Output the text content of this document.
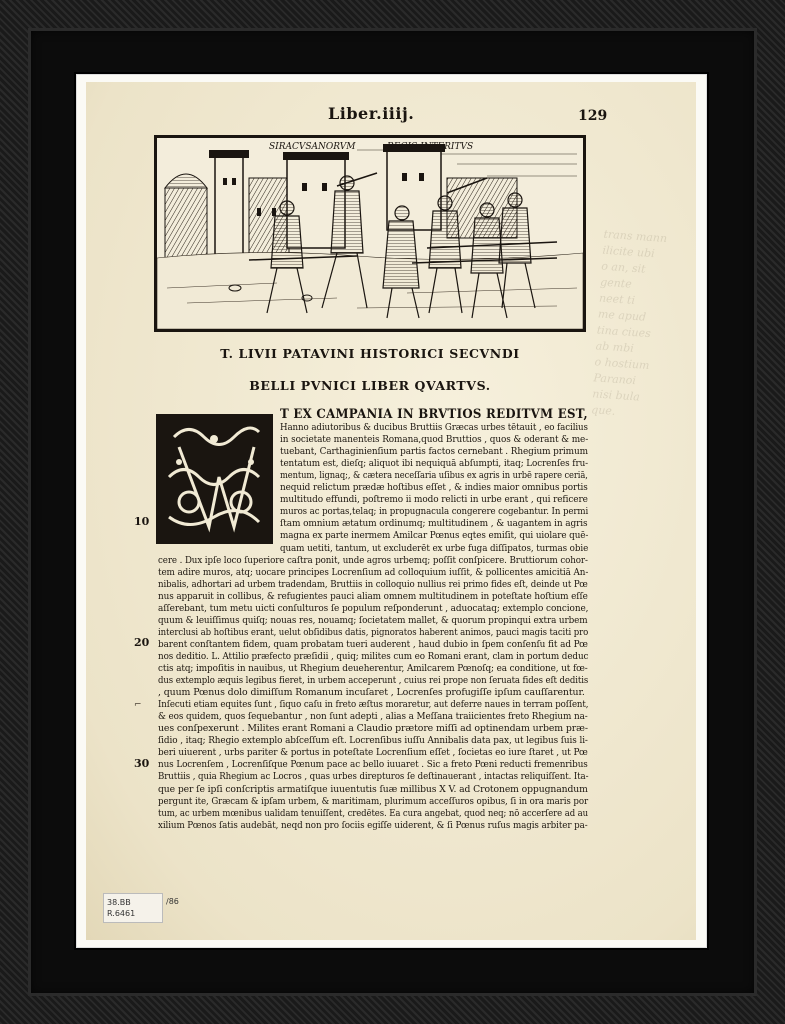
trans mann
ilicite ubi
o an, sit
gente
neet ti
me apud
tina ciues
ab mbi
o hostium
Paranoi
nisi bula
que.
Liber.iiij.	129
SIRACVSANORVM	REGIS INTERITVS
T. LIVII PATAVINI HISTORICI SECVNDI
BELLI PVNICI LIBER QVARTVS.
T EX CAMPANIA IN BRVTIOS REDITVM EST,
Hanno adiutoribus & ducibus Bruttiis Græcas urbes tētauit , eo facilius
in societate manenteis Romana,quod Bruttios , quos & oderant & me-
tuebant, Carthaginienſium partis factos cernebant . Rhegium primum
tentatum est, dieſq; aliquot ibi nequiquā abſumpti, itaq; Locrenſes fru-
mentum, lignaq;, & cætera neceſſaria uſibus ex agris in urbē rapere ceriā,
nequid relictum prædæ hoſtibus eſſet , & indies maior omnibus portis
multitudo effundi, poſtremo ii modo relicti in urbe erant , qui reficere
muros ac portas,telaq; in propugnacula congerere cogebantur. In permi
ſtam omnium ætatum ordinumq; multitudinem , & uagantem in agris
magna ex parte inermem Amilcar Pœnus eqtes emiſit, qui uiolare quē-
quam uetiti, tantum, ut excluderēt ex urbe fuga diſſipatos, turmas obie
cere . Dux ipſe loco ſuperiore caſtra ponit, unde agros urbemq; poſſit conſpicere. Bruttiorum cohor-
tem adire muros, atq; uocare principes Locrenſium ad colloquium iuſſit, & pollicentes amicitiā An-
nibalis, adhortari ad urbem tradendam, Bruttiis in colloquio nullius rei primo fides eſt, deinde ut Pœ
nus apparuit in collibus, & refugientes pauci aliam omnem multitudinem in poteſtate hoſtium eſſe
aſſerebant, tum metu uicti conſulturos ſe populum reſponderunt , aduocataq; extemplo concione,
quum & leuiſſimus quiſq; nouas res, nouamq; ſocietatem mallet, & quorum propinqui extra urbem
interclusi ab hoſtibus erant, uelut obſidibus datis, pignoratos haberent animos, pauci magis taciti pro
barent conſtantem fidem, quam probatam tueri auderent , haud dubio in ſpem conſenſu fit ad Pœ
nos deditio. L. Attilio præfecto præſidii , quiq; milites cum eo Romani erant, clam in portum deduc
ctis atq; impoſitis in nauibus, ut Rhegium deueherentur, Amilcarem Pœnoſq; ea conditione, ut fœ-
dus extemplo æquis legibus fieret, in urbem acceperunt , cuius rei prope non ſeruata fides eſt deditis
, quum Pœnus dolo dimiſſum Romanum incuſaret , Locrenſes profugiſſe ipſum cauſſarentur.
Inſecuti etiam equites ſunt , ſiquo caſu in freto æſtus moraretur, aut deferre naues in terram poſſent,
& eos quidem, quos ſequebantur , non ſunt adepti , alias a Meſſana traiicientes freto Rhegium na-
ues conſpexerunt . Milites erant Romani a Claudio prætore miſſi ad optinendam urbem præ-
ſidio , itaq; Rhegio extemplo abſceſſum eſt. Locrenſibus iuſſu Annibalis data pax, ut legibus ſuis li-
beri uiuerent , urbs pariter & portus in poteſtate Locrenſium eſſet , ſocietas eo iure ſtaret , ut Pœ
nus Locrenſem , Locrenſiſque Pœnum pace ac bello iuuaret . Sic a freto Pœni reducti fremenribus
Bruttiis , quia Rhegium ac Locros , quas urbes direpturos ſe deſtinauerant , intactas reliquiſſent. Ita-
que per ſe ipſi conſcriptis armatiſque iuuentutis ſuæ millibus X V. ad Crotonem oppugnandum
pergunt ite, Græcam & ipſam urbem, & maritimam, plurimum acceſſuros opibus, ſi in ora maris por
tum, ac urbem mœnibus ualidam tenuiſſent, credētes. Ea cura angebat, quod neq; nō accerſere ad au
xilium Pœnos ſatis audebāt, neqd non pro ſociis egiſſe uiderent, & ſi Pœnus ruſus magis arbiter pa-
10
20
30
⌐
38.BB
R.6461
/86
